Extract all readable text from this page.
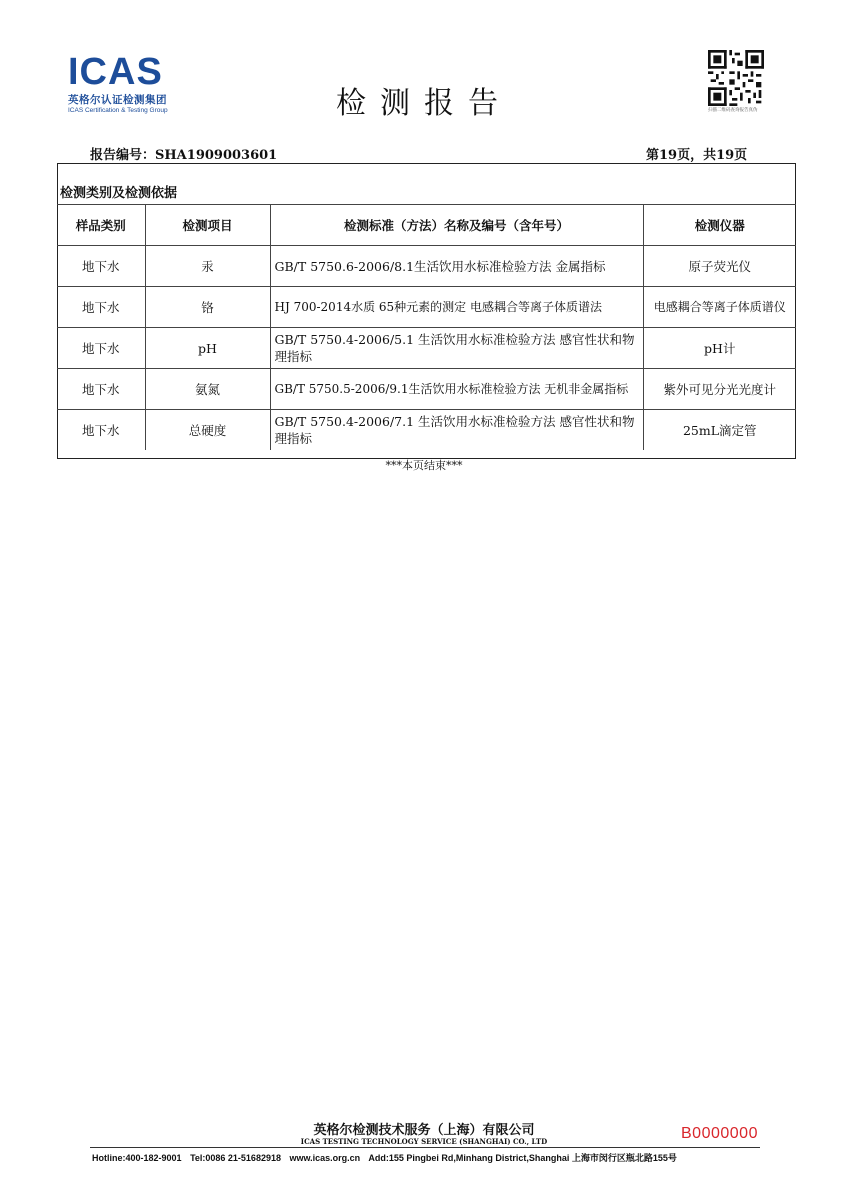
ICAS
英格尔认证检测集团
ICAS Certification & Testing Group	检测报告	扫描二维码查询报告真伪
报告编号：SHA1909003601	第19页，共19页
检测类别及检测依据
样品类别	检测项目	检测标准（方法）名称及编号（含年号）	检测仪器
地下水	汞	GB/T 5750.6-2006/8.1生活饮用水标准检验方法 金属指标	原子荧光仪
地下水	铬	HJ 700-2014水质 65种元素的测定 电感耦合等离子体质谱法	电感耦合等离子体质谱仪
地下水	pH	GB/T 5750.4-2006/5.1 生活饮用水标准检验方法 感官性状和物理指标	pH计
地下水	氨氮	GB/T 5750.5-2006/9.1生活饮用水标准检验方法 无机非金属指标	紫外可见分光光度计
地下水	总硬度	GB/T 5750.4-2006/7.1 生活饮用水标准检验方法 感官性状和物理指标	25mL滴定管
***本页结束***
英格尔检测技术服务（上海）有限公司
ICAS TESTING TECHNOLOGY SERVICE (SHANGHAI) CO., LTD	B0000000
Hotline:400-182-9001 Tel:0086 21-51682918 www.icas.org.cn Add:155 Pingbei Rd,Minhang District,Shanghai 上海市闵行区瓶北路155号
